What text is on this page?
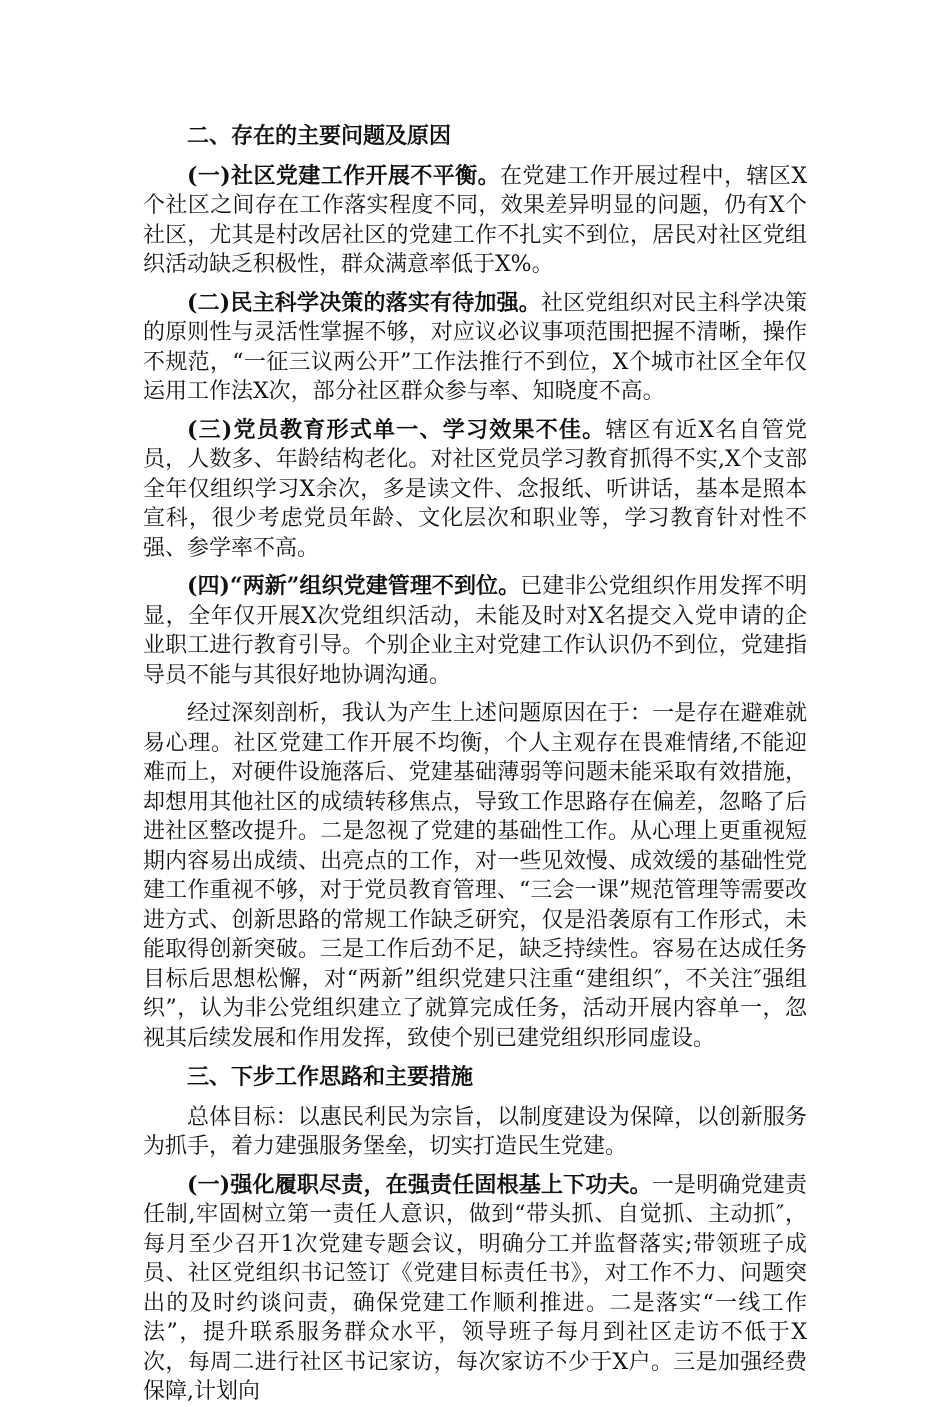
二、存在的主要问题及原因

(一)社区党建工作开展不平衡。在党建工作开展过程中，辖区X个社区之间存在工作落实程度不同，效果差异明显的问题，仍有X个社区，尤其是村改居社区的党建工作不扎实不到位，居民对社区党组织活动缺乏积极性，群众满意率低于X%。

(二)民主科学决策的落实有待加强。社区党组织对民主科学决策的原则性与灵活性掌握不够，对应议必议事项范围把握不清晰，操作不规范，“一征三议两公开”工作法推行不到位，X个城市社区全年仅运用工作法X次，部分社区群众参与率、知晓度不高。

(三)党员教育形式单一、学习效果不佳。辖区有近X名自管党员，人数多、年龄结构老化。对社区党员学习教育抓得不实,X个支部全年仅组织学习X余次，多是读文件、念报纸、听讲话，基本是照本宣科，很少考虑党员年龄、文化层次和职业等，学习教育针对性不强、参学率不高。

(四)“两新”组织党建管理不到位。已建非公党组织作用发挥不明显，全年仅开展X次党组织活动，未能及时对X名提交入党申请的企业职工进行教育引导。个别企业主对党建工作认识仍不到位，党建指导员不能与其很好地协调沟通。

经过深刻剖析，我认为产生上述问题原因在于：一是存在避难就易心理。社区党建工作开展不均衡，个人主观存在畏难情绪,不能迎难而上，对硬件设施落后、党建基础薄弱等问题未能采取有效措施，却想用其他社区的成绩转移焦点，导致工作思路存在偏差，忽略了后进社区整改提升。二是忽视了党建的基础性工作。从心理上更重视短期内容易出成绩、出亮点的工作，对一些见效慢、成效缓的基础性党建工作重视不够，对于党员教育管理、“三会一课”规范管理等需要改进方式、创新思路的常规工作缺乏研究，仅是沿袭原有工作形式，未能取得创新突破。三是工作后劲不足，缺乏持续性。容易在达成任务目标后思想松懈，对“两新”组织党建只注重“建组织″，不关注″强组织”，认为非公党组织建立了就算完成任务，活动开展内容单一，忽视其后续发展和作用发挥，致使个别已建党组织形同虚设。

三、下步工作思路和主要措施

总体目标：以惠民利民为宗旨，以制度建设为保障，以创新服务为抓手，着力建强服务堡垒，切实打造民生党建。

(一)强化履职尽责，在强责任固根基上下功夫。一是明确党建责任制,牢固树立第一责任人意识，做到“带头抓、自觉抓、主动抓″，每月至少召开1次党建专题会议，明确分工并监督落实;带领班子成员、社区党组织书记签订《党建目标责任书》，对工作不力、问题突出的及时约谈问责，确保党建工作顺利推进。二是落实“一线工作法”，提升联系服务群众水平，领导班子每月到社区走访不低于X次，每周二进行社区书记家访，每次家访不少于X户。三是加强经费保障,计划向
